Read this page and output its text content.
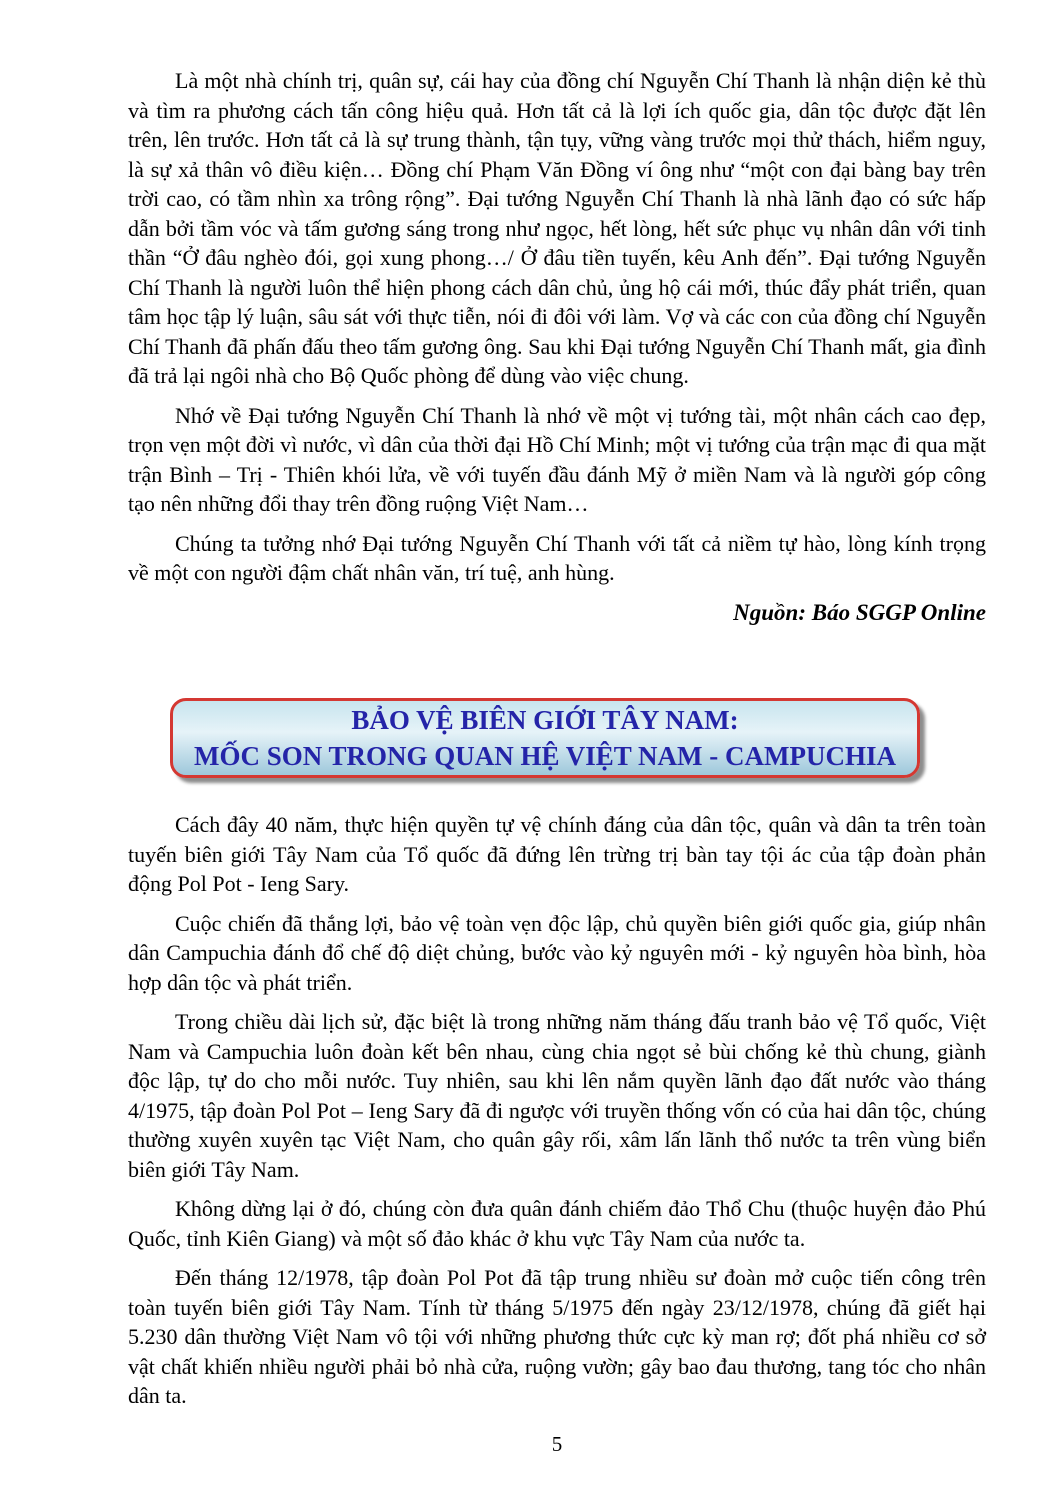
Là một nhà chính trị, quân sự, cái hay của đồng chí Nguyễn Chí Thanh là nhận diện kẻ thù và tìm ra phương cách tấn công hiệu quả. Hơn tất cả là lợi ích quốc gia, dân tộc được đặt lên trên, lên trước. Hơn tất cả là sự trung thành, tận tụy, vững vàng trước mọi thử thách, hiểm nguy, là sự xả thân vô điều kiện… Đồng chí Phạm Văn Đồng ví ông như “một con đại bàng bay trên trời cao, có tầm nhìn xa trông rộng”. Đại tướng Nguyễn Chí Thanh là nhà lãnh đạo có sức hấp dẫn bởi tầm vóc và tấm gương sáng trong như ngọc, hết lòng, hết sức phục vụ nhân dân với tinh thần “Ở đâu nghèo đói, gọi xung phong…/ Ở đâu tiền tuyến, kêu Anh đến”. Đại tướng Nguyễn Chí Thanh là người luôn thể hiện phong cách dân chủ, ủng hộ cái mới, thúc đẩy phát triển, quan tâm học tập lý luận, sâu sát với thực tiễn, nói đi đôi với làm. Vợ và các con của đồng chí Nguyễn Chí Thanh đã phấn đấu theo tấm gương ông. Sau khi Đại tướng Nguyễn Chí Thanh mất, gia đình đã trả lại ngôi nhà cho Bộ Quốc phòng để dùng vào việc chung.

Nhớ về Đại tướng Nguyễn Chí Thanh là nhớ về một vị tướng tài, một nhân cách cao đẹp, trọn vẹn một đời vì nước, vì dân của thời đại Hồ Chí Minh; một vị tướng của trận mạc đi qua mặt trận Bình – Trị - Thiên khói lửa, về với tuyến đầu đánh Mỹ ở miền Nam và là người góp công tạo nên những đổi thay trên đồng ruộng Việt Nam…

Chúng ta tưởng nhớ Đại tướng Nguyễn Chí Thanh với tất cả niềm tự hào, lòng kính trọng về một con người đậm chất nhân văn, trí tuệ, anh hùng.

Nguồn: Báo SGGP Online

BẢO VỆ BIÊN GIỚI TÂY NAM:
MỐC SON TRONG QUAN HỆ VIỆT NAM - CAMPUCHIA

Cách đây 40 năm, thực hiện quyền tự vệ chính đáng của dân tộc, quân và dân ta trên toàn tuyến biên giới Tây Nam của Tổ quốc đã đứng lên trừng trị bàn tay tội ác của tập đoàn phản động Pol Pot - Ieng Sary.

Cuộc chiến đã thắng lợi, bảo vệ toàn vẹn độc lập, chủ quyền biên giới quốc gia, giúp nhân dân Campuchia đánh đổ chế độ diệt chủng, bước vào kỷ nguyên mới - kỷ nguyên hòa bình, hòa hợp dân tộc và phát triển.

Trong chiều dài lịch sử, đặc biệt là trong những năm tháng đấu tranh bảo vệ Tổ quốc, Việt Nam và Campuchia luôn đoàn kết bên nhau, cùng chia ngọt sẻ bùi chống kẻ thù chung, giành độc lập, tự do cho mỗi nước. Tuy nhiên, sau khi lên nắm quyền lãnh đạo đất nước vào tháng 4/1975, tập đoàn Pol Pot – Ieng Sary đã đi ngược với truyền thống vốn có của hai dân tộc, chúng thường xuyên xuyên tạc Việt Nam, cho quân gây rối, xâm lấn lãnh thổ nước ta trên vùng biển biên giới Tây Nam.

Không dừng lại ở đó, chúng còn đưa quân đánh chiếm đảo Thổ Chu (thuộc huyện đảo Phú Quốc, tỉnh Kiên Giang) và một số đảo khác ở khu vực Tây Nam của nước ta.

Đến tháng 12/1978, tập đoàn Pol Pot đã tập trung nhiều sư đoàn mở cuộc tiến công trên toàn tuyến biên giới Tây Nam. Tính từ tháng 5/1975 đến ngày 23/12/1978, chúng đã giết hại 5.230 dân thường Việt Nam vô tội với những phương thức cực kỳ man rợ; đốt phá nhiều cơ sở vật chất khiến nhiều người phải bỏ nhà cửa, ruộng vườn; gây bao đau thương, tang tóc cho nhân dân ta.

5
